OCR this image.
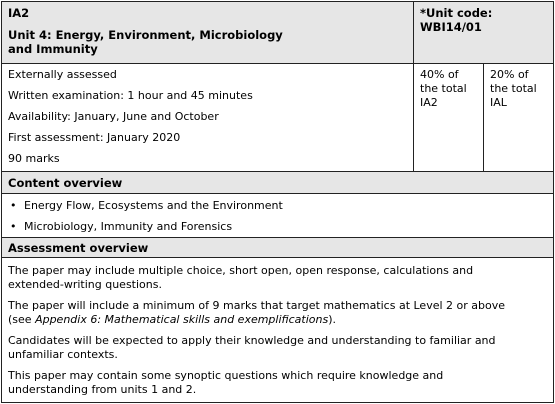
IA2
Unit 4: Energy, Environment, Microbiology
and Immunity
*Unit code:
WBI14/01
Externally assessed
Written examination: 1 hour and 45 minutes
Availability: January, June and October
First assessment: January 2020
90 marks
40% of
the total
IA2
20% of
the total
IAL
Content overview
• Energy Flow, Ecosystems and the Environment
• Microbiology, Immunity and Forensics
Assessment overview
The paper may include multiple choice, short open, open response, calculations and
extended-writing questions.
The paper will include a minimum of 9 marks that target mathematics at Level 2 or above
(see Appendix 6: Mathematical skills and exemplifications).
Candidates will be expected to apply their knowledge and understanding to familiar and
unfamiliar contexts.
This paper may contain some synoptic questions which require knowledge and
understanding from units 1 and 2.
